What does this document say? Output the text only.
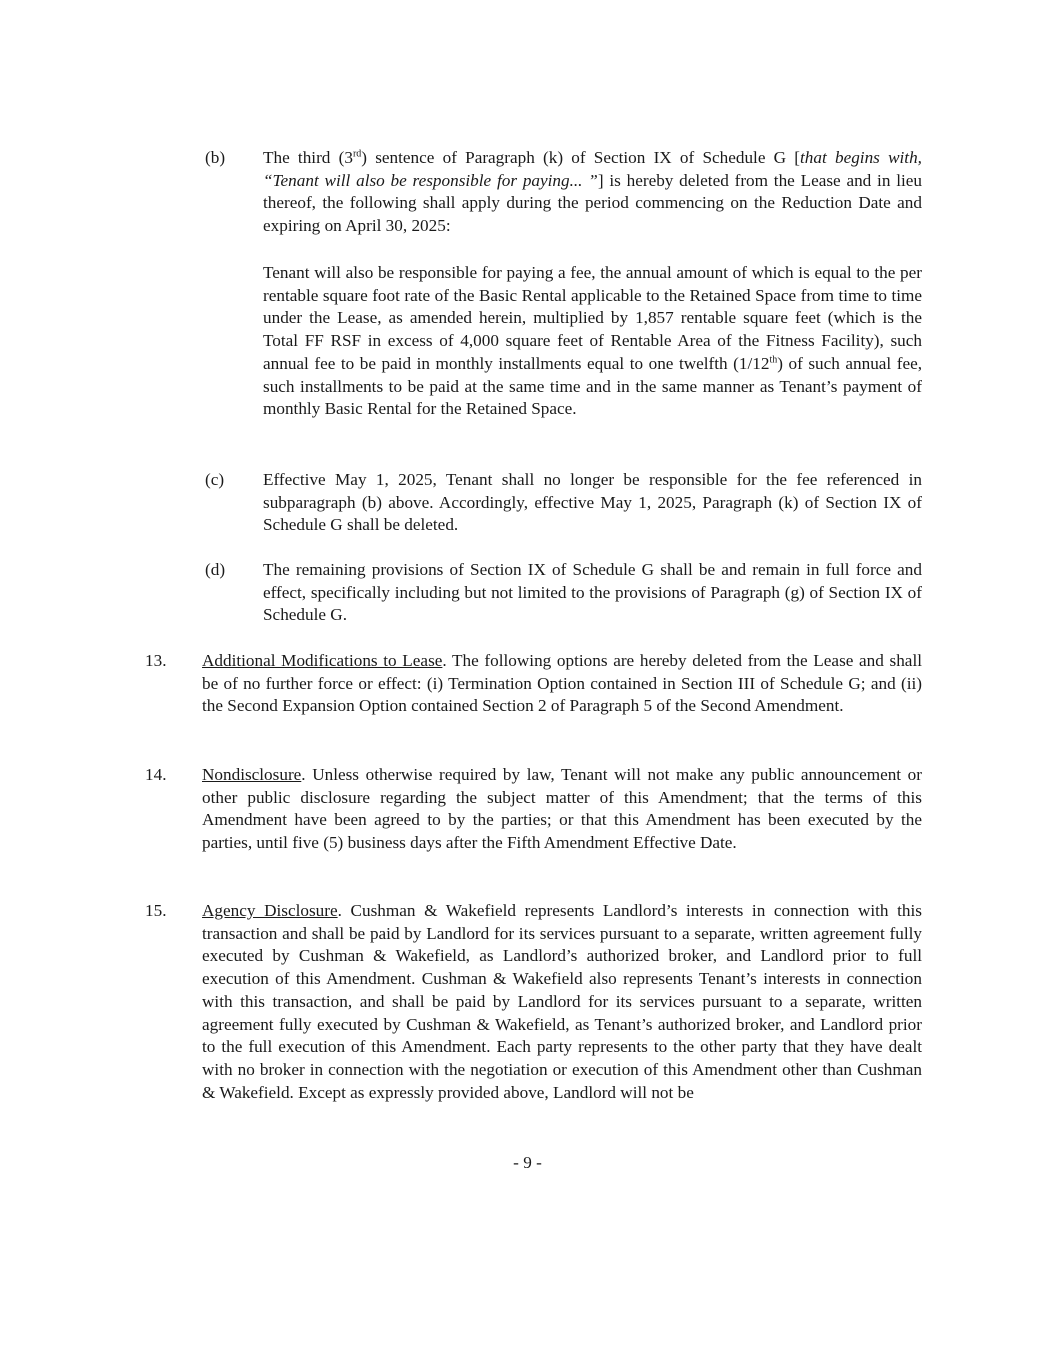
(b) The third (3rd) sentence of Paragraph (k) of Section IX of Schedule G [that begins with, “Tenant will also be responsible for paying... ”] is hereby deleted from the Lease and in lieu thereof, the following shall apply during the period commencing on the Reduction Date and expiring on April 30, 2025:
Tenant will also be responsible for paying a fee, the annual amount of which is equal to the per rentable square foot rate of the Basic Rental applicable to the Retained Space from time to time under the Lease, as amended herein, multiplied by 1,857 rentable square feet (which is the Total FF RSF in excess of 4,000 square feet of Rentable Area of the Fitness Facility), such annual fee to be paid in monthly installments equal to one twelfth (1/12th) of such annual fee, such installments to be paid at the same time and in the same manner as Tenant’s payment of monthly Basic Rental for the Retained Space.
(c) Effective May 1, 2025, Tenant shall no longer be responsible for the fee referenced in subparagraph (b) above. Accordingly, effective May 1, 2025, Paragraph (k) of Section IX of Schedule G shall be deleted.
(d) The remaining provisions of Section IX of Schedule G shall be and remain in full force and effect, specifically including but not limited to the provisions of Paragraph (g) of Section IX of Schedule G.
13. Additional Modifications to Lease. The following options are hereby deleted from the Lease and shall be of no further force or effect: (i) Termination Option contained in Section III of Schedule G; and (ii) the Second Expansion Option contained Section 2 of Paragraph 5 of the Second Amendment.
14. Nondisclosure. Unless otherwise required by law, Tenant will not make any public announcement or other public disclosure regarding the subject matter of this Amendment; that the terms of this Amendment have been agreed to by the parties; or that this Amendment has been executed by the parties, until five (5) business days after the Fifth Amendment Effective Date.
15. Agency Disclosure. Cushman & Wakefield represents Landlord’s interests in connection with this transaction and shall be paid by Landlord for its services pursuant to a separate, written agreement fully executed by Cushman & Wakefield, as Landlord’s authorized broker, and Landlord prior to full execution of this Amendment. Cushman & Wakefield also represents Tenant’s interests in connection with this transaction, and shall be paid by Landlord for its services pursuant to a separate, written agreement fully executed by Cushman & Wakefield, as Tenant’s authorized broker, and Landlord prior to the full execution of this Amendment. Each party represents to the other party that they have dealt with no broker in connection with the negotiation or execution of this Amendment other than Cushman & Wakefield. Except as expressly provided above, Landlord will not be
- 9 -
